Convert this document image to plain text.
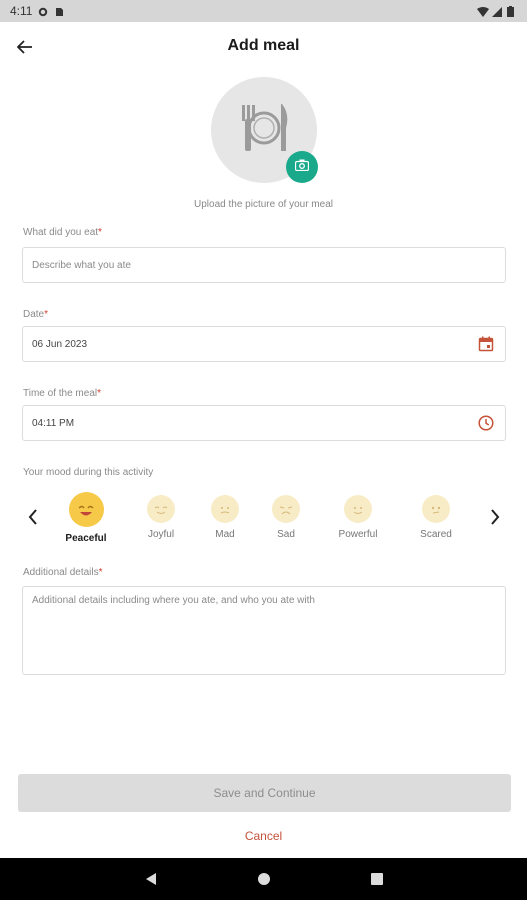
4:11
Add meal
Upload the picture of your meal
What did you eat*
Describe what you ate
Date*
06 Jun 2023
Time of the meal*
04:11 PM
Your mood during this activity
Peaceful	Joyful	Mad	Sad	Powerful	Scared
Additional details*
Additional details including where you ate, and who you ate with
Save and Continue
Cancel
